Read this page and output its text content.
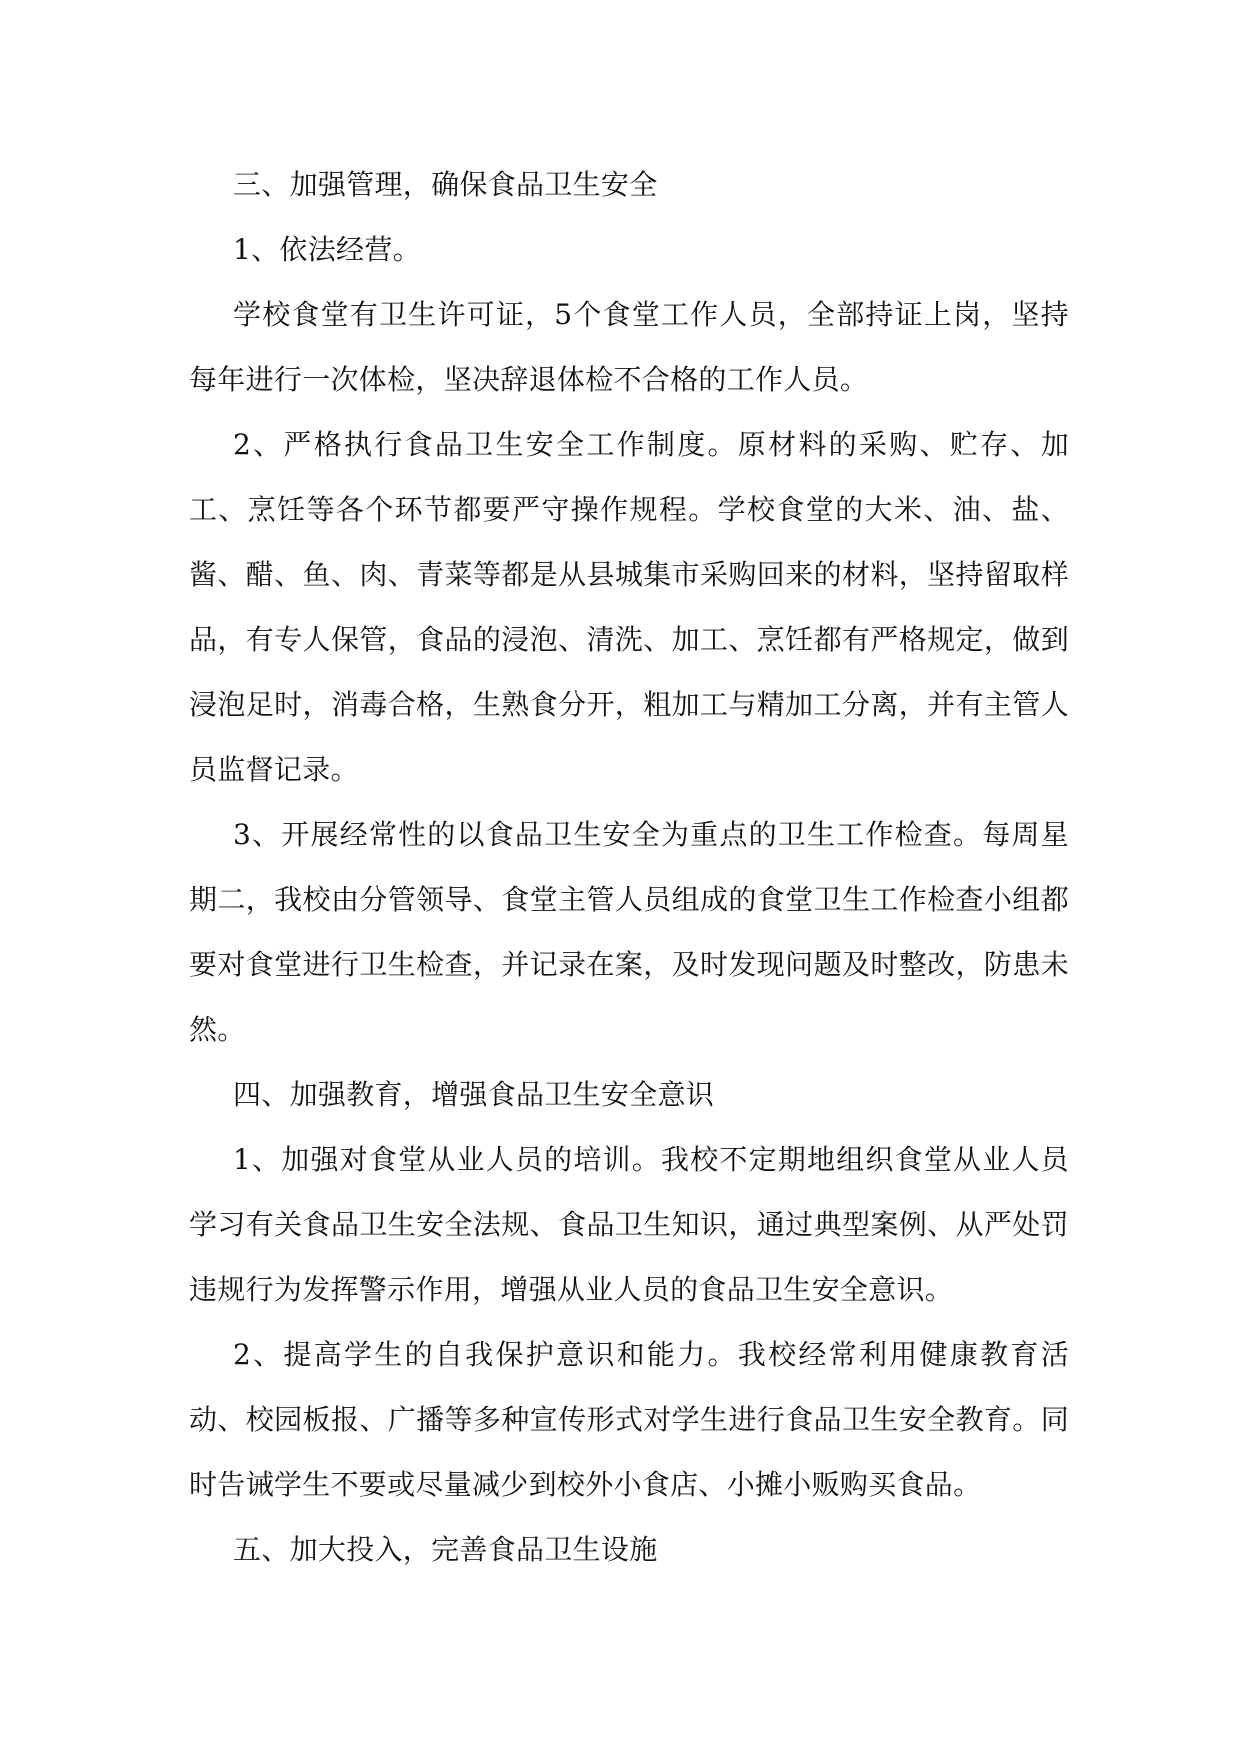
三、加强管理，确保食品卫生安全

1、依法经营。

学校食堂有卫生许可证，5个食堂工作人员，全部持证上岗，坚持每年进行一次体检，坚决辞退体检不合格的工作人员。

2、严格执行食品卫生安全工作制度。原材料的采购、贮存、加工、烹饪等各个环节都要严守操作规程。学校食堂的大米、油、盐、酱、醋、鱼、肉、青菜等都是从县城集市采购回来的材料，坚持留取样品，有专人保管，食品的浸泡、清洗、加工、烹饪都有严格规定，做到浸泡足时，消毒合格，生熟食分开，粗加工与精加工分离，并有主管人员监督记录。

3、开展经常性的以食品卫生安全为重点的卫生工作检查。每周星期二，我校由分管领导、食堂主管人员组成的食堂卫生工作检查小组都要对食堂进行卫生检查，并记录在案，及时发现问题及时整改，防患未然。

四、加强教育，增强食品卫生安全意识

1、加强对食堂从业人员的培训。我校不定期地组织食堂从业人员学习有关食品卫生安全法规、食品卫生知识，通过典型案例、从严处罚违规行为发挥警示作用，增强从业人员的食品卫生安全意识。

2、提高学生的自我保护意识和能力。我校经常利用健康教育活动、校园板报、广播等多种宣传形式对学生进行食品卫生安全教育。同时告诫学生不要或尽量减少到校外小食店、小摊小贩购买食品。

五、加大投入，完善食品卫生设施
